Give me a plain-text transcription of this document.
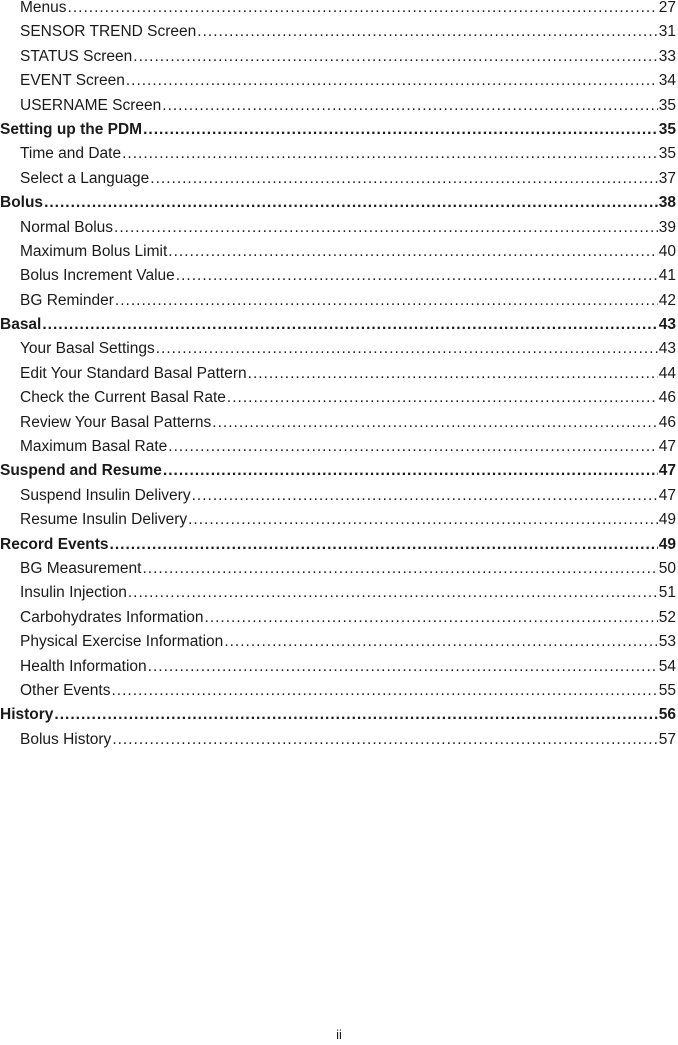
Menus .....	27
SENSOR TREND Screen .....	31
STATUS Screen .....	33
EVENT Screen .....	34
USERNAME Screen .....	35
Setting up the PDM .....	35
Time and Date .....	35
Select a Language .....	37
Bolus .....	38
Normal Bolus .....	39
Maximum Bolus Limit .....	40
Bolus Increment Value .....	41
BG Reminder .....	42
Basal .....	43
Your Basal Settings .....	43
Edit Your Standard Basal Pattern .....	44
Check the Current Basal Rate .....	46
Review Your Basal Patterns .....	46
Maximum Basal Rate .....	47
Suspend and Resume .....	47
Suspend Insulin Delivery .....	47
Resume Insulin Delivery .....	49
Record Events .....	49
BG Measurement .....	50
Insulin Injection .....	51
Carbohydrates Information .....	52
Physical Exercise Information .....	53
Health Information .....	54
Other Events .....	55
History .....	56
Bolus History .....	57
ii
